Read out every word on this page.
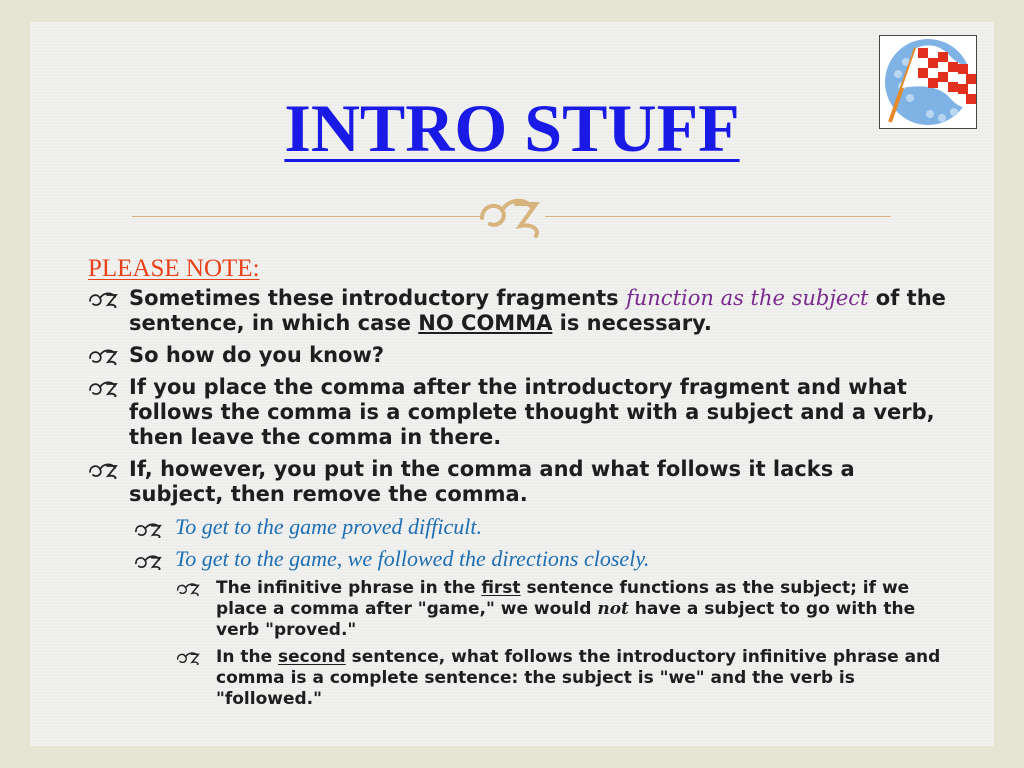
INTRO STUFF
PLEASE NOTE:
Sometimes these introductory fragments function as the subject of the sentence, in which case NO COMMA is necessary.
So how do you know?
If you place the comma after the introductory fragment and what follows the comma is a complete thought with a subject and a verb, then leave the comma in there.
If, however, you put in the comma and what follows it lacks a subject, then remove the comma.
To get to the game proved difficult.
To get to the game, we followed the directions closely.
The infinitive phrase in the first sentence functions as the subject; if we place a comma after "game," we would not have a subject to go with the verb "proved."
In the second sentence, what follows the introductory infinitive phrase and comma is a complete sentence: the subject is "we" and the verb is "followed."
